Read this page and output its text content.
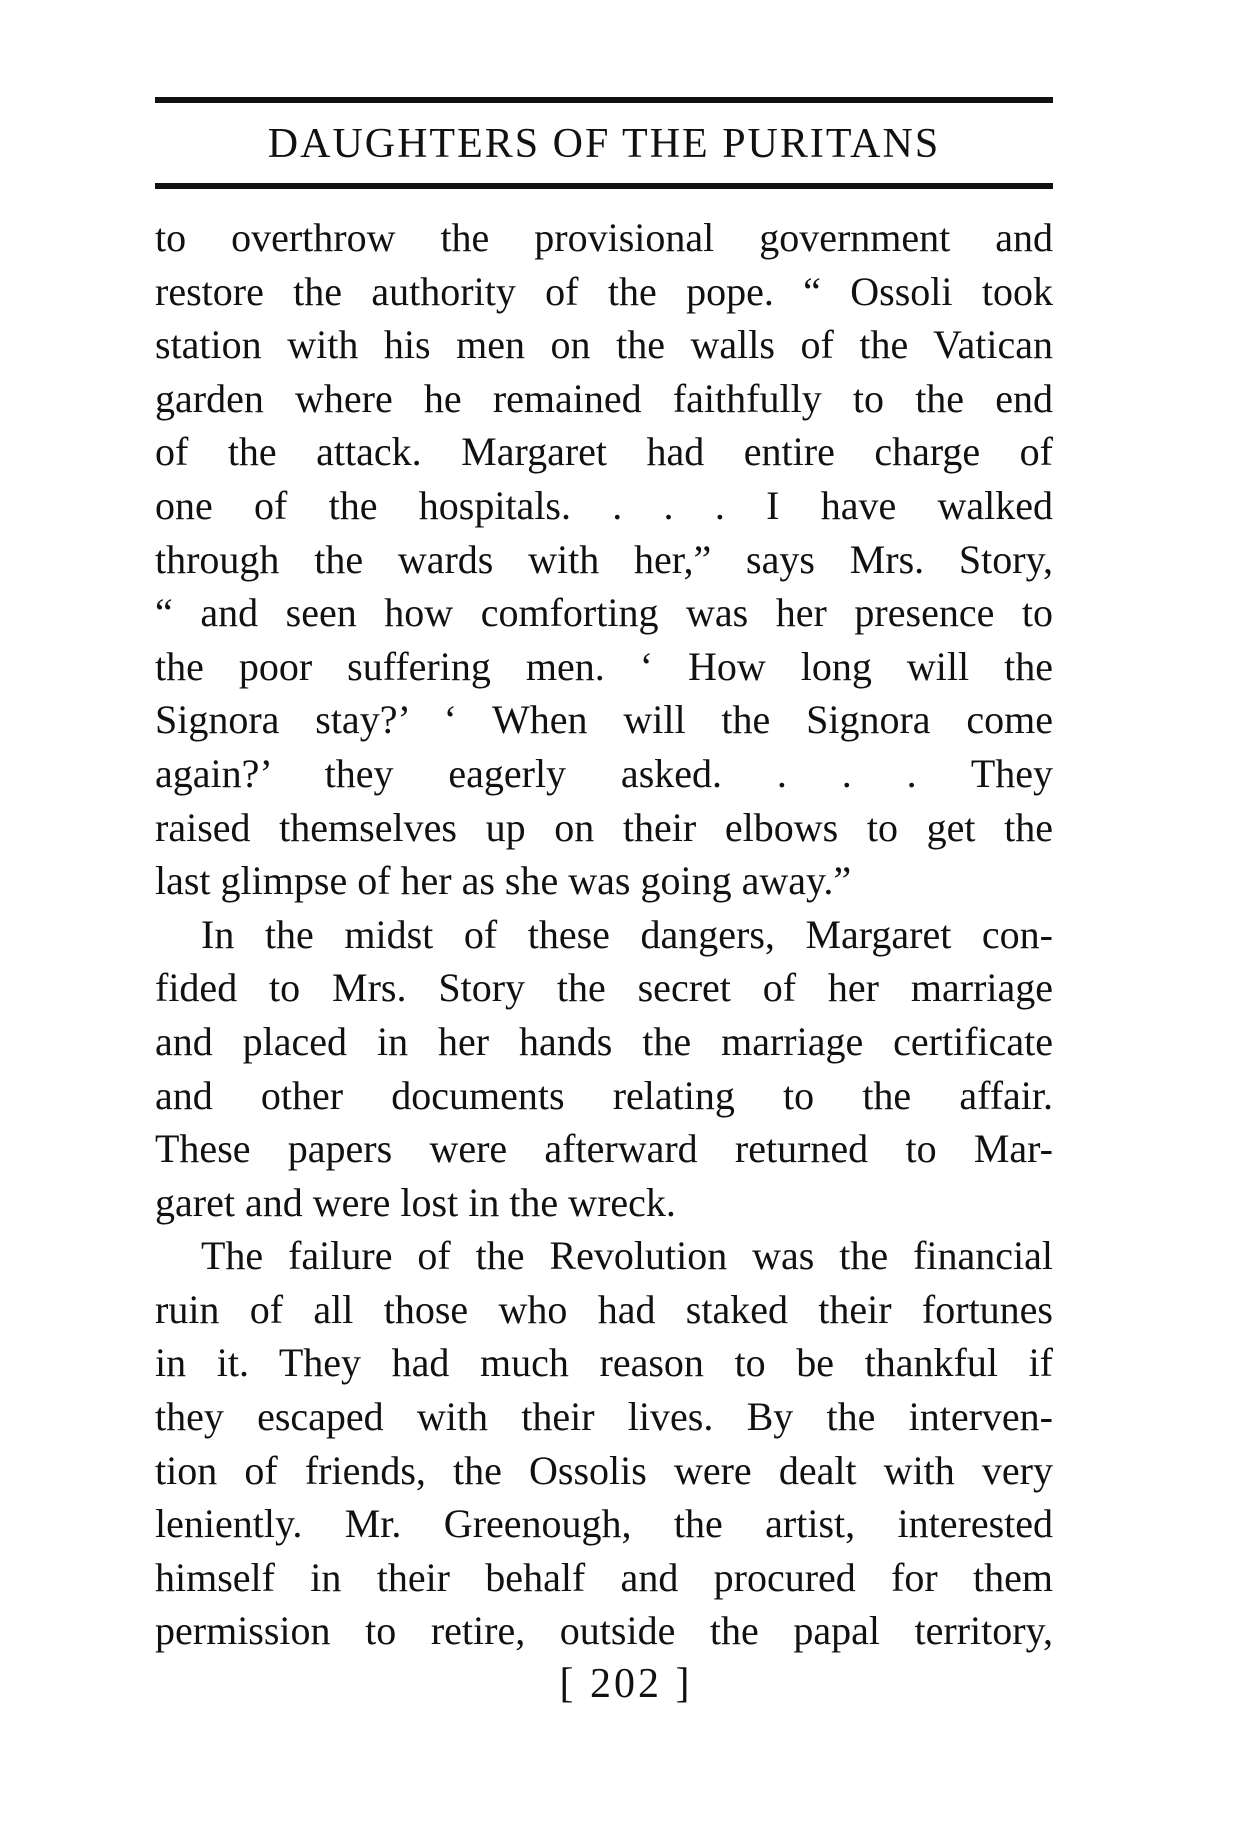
DAUGHTERS OF THE PURITANS
to overthrow the provisional government and
restore the authority of the pope. “ Ossoli took
station with his men on the walls of the Vatican
garden where he remained faithfully to the end
of the attack. Margaret had entire charge of
one of the hospitals. . . . I have walked
through the wards with her,” says Mrs. Story,
“ and seen how comforting was her presence to
the poor suffering men. ‘ How long will the
Signora stay?’ ‘ When will the Signora come
again?’ they eagerly asked. . . . They
raised themselves up on their elbows to get the
last glimpse of her as she was going away.”
In the midst of these dangers, Margaret con-
fided to Mrs. Story the secret of her marriage
and placed in her hands the marriage certificate
and other documents relating to the affair.
These papers were afterward returned to Mar-
garet and were lost in the wreck.
The failure of the Revolution was the financial
ruin of all those who had staked their fortunes
in it. They had much reason to be thankful if
they escaped with their lives. By the interven-
tion of friends, the Ossolis were dealt with very
leniently. Mr. Greenough, the artist, interested
himself in their behalf and procured for them
permission to retire, outside the papal territory,
[ 202 ]
